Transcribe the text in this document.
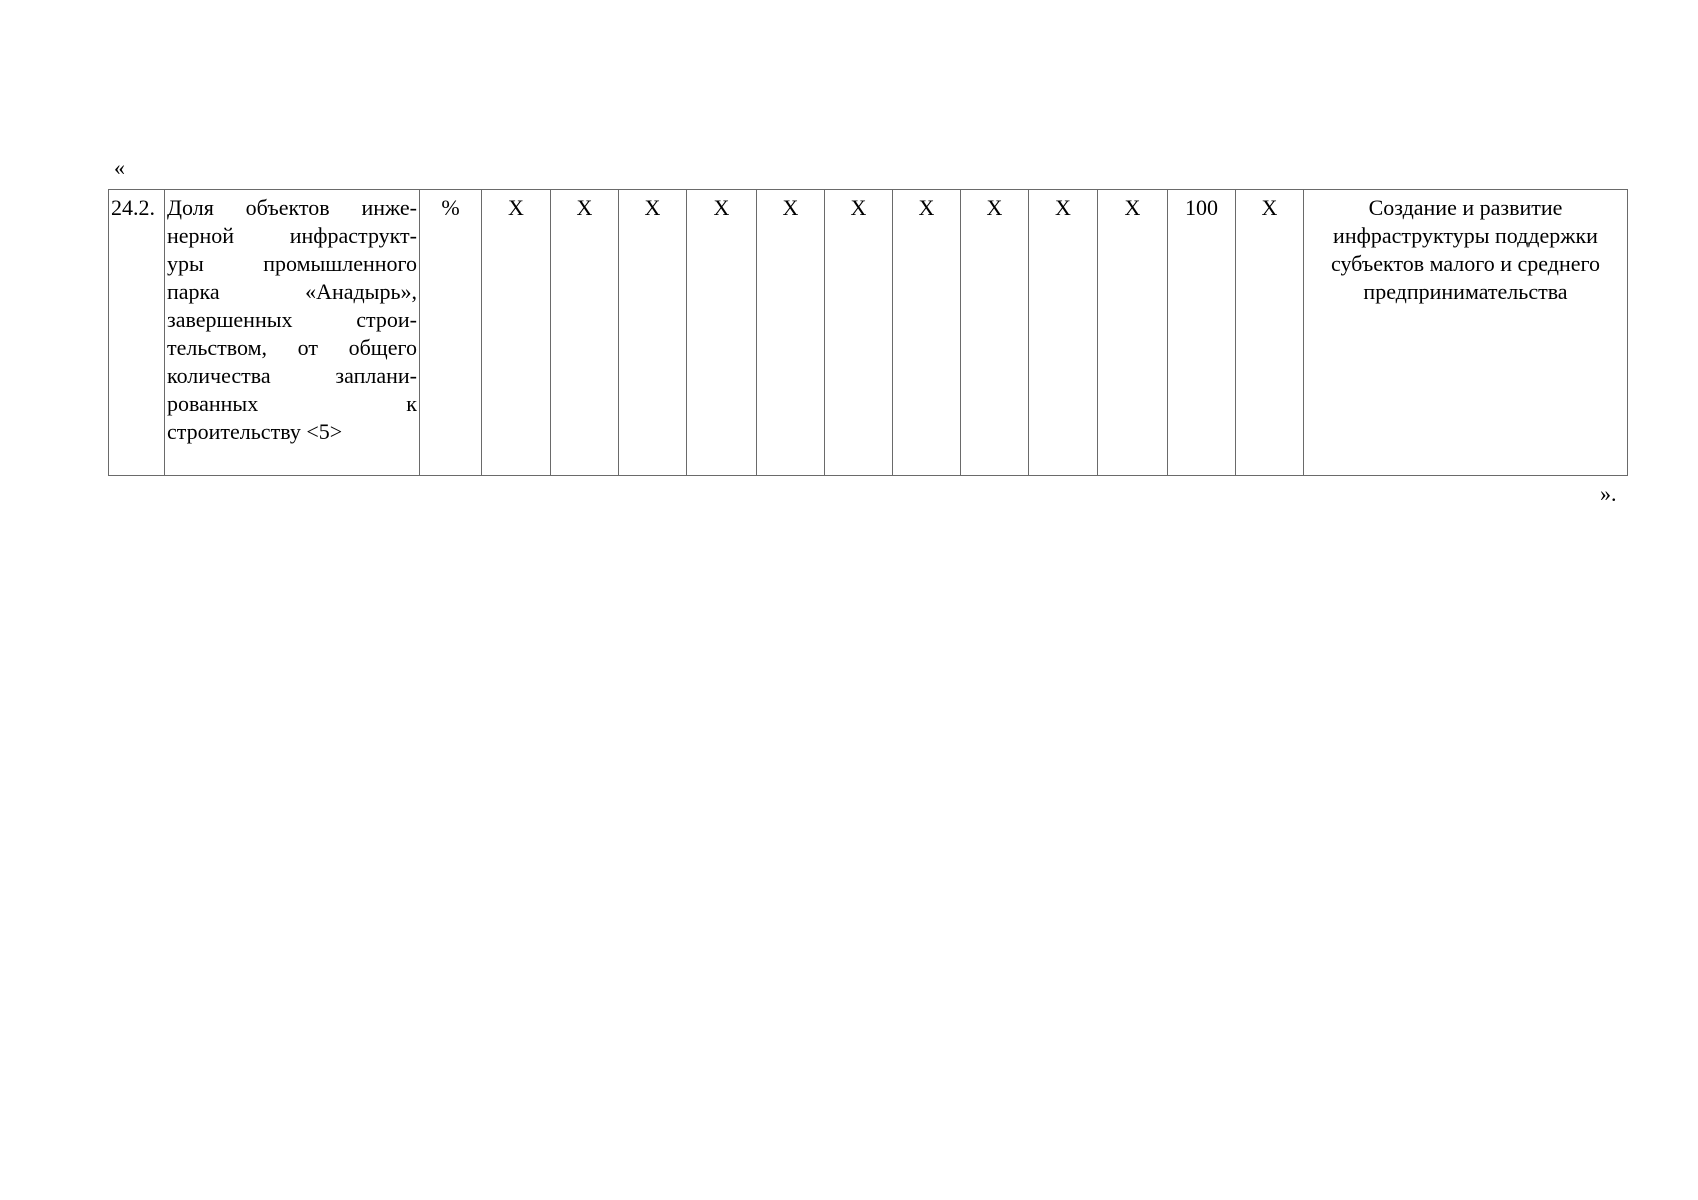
«
24.2.	Доля объектов инже-
нерной инфраструкт-
уры промышленного
парка «Анадырь»,
завершенных строи-
тельством, от общего
количества заплани-
рованных к
строительству <5>
	%	X	X	X	X	X	X	X	X	X	X	100	X	Создание и развитие инфраструктуры поддержки субъектов малого и среднего предпринимательства
».
